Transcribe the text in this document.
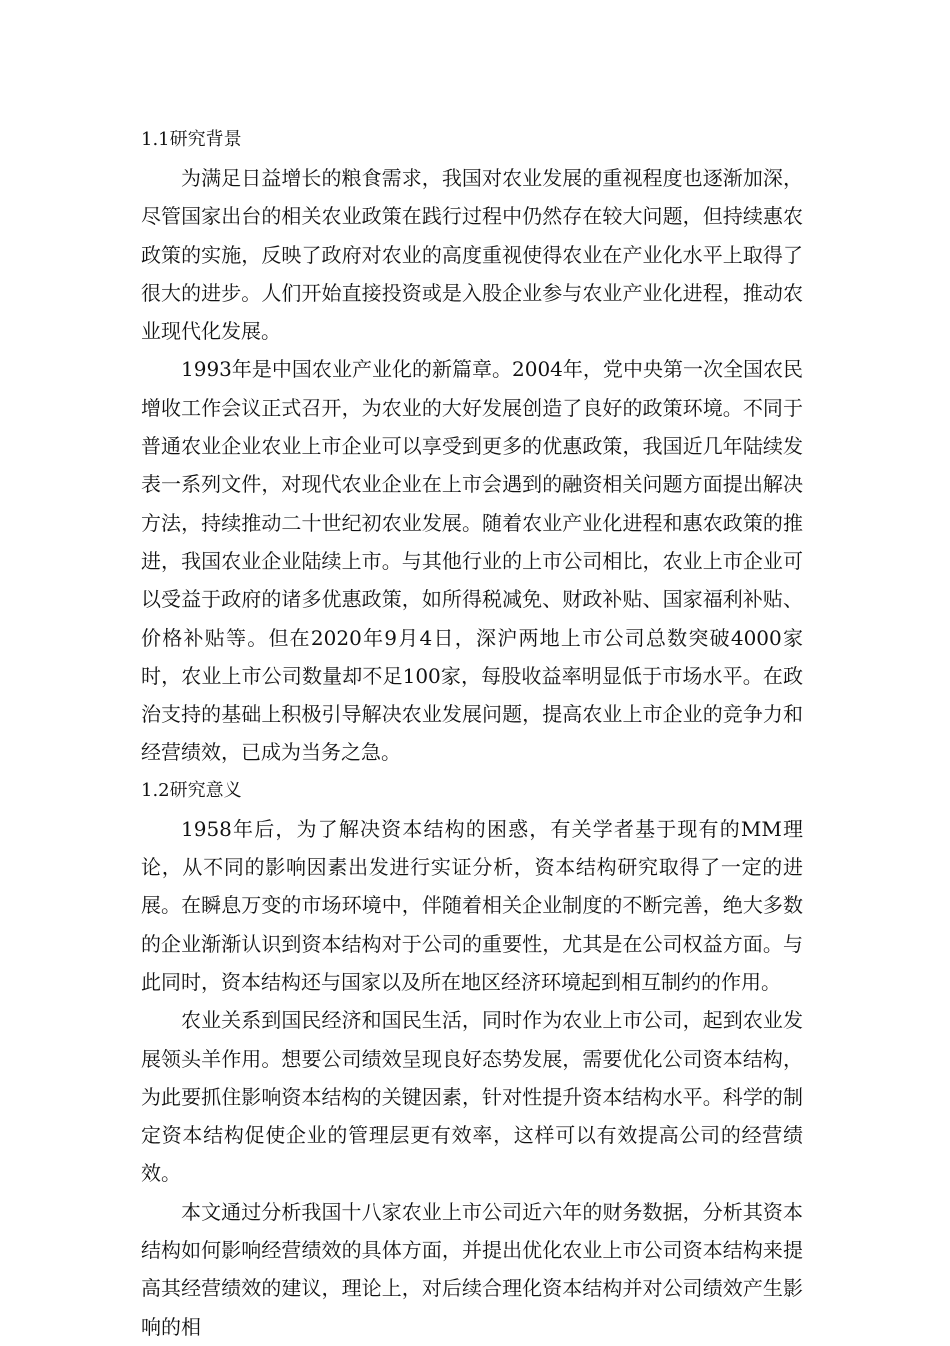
1.1研究背景

为满足日益增长的粮食需求，我国对农业发展的重视程度也逐渐加深，尽管国家出台的相关农业政策在践行过程中仍然存在较大问题，但持续惠农政策的实施，反映了政府对农业的高度重视使得农业在产业化水平上取得了很大的进步。人们开始直接投资或是入股企业参与农业产业化进程，推动农业现代化发展。

1993年是中国农业产业化的新篇章。2004年，党中央第一次全国农民增收工作会议正式召开，为农业的大好发展创造了良好的政策环境。不同于普通农业企业农业上市企业可以享受到更多的优惠政策，我国近几年陆续发表一系列文件，对现代农业企业在上市会遇到的融资相关问题方面提出解决方法，持续推动二十世纪初农业发展。随着农业产业化进程和惠农政策的推进，我国农业企业陆续上市。与其他行业的上市公司相比，农业上市企业可以受益于政府的诸多优惠政策，如所得税减免、财政补贴、国家福利补贴、价格补贴等。但在2020年9月4日，深沪两地上市公司总数突破4000家时，农业上市公司数量却不足100家，每股收益率明显低于市场水平。在政治支持的基础上积极引导解决农业发展问题，提高农业上市企业的竞争力和经营绩效，已成为当务之急。

1.2研究意义

1958年后，为了解决资本结构的困惑，有关学者基于现有的MM理论，从不同的影响因素出发进行实证分析，资本结构研究取得了一定的进展。在瞬息万变的市场环境中，伴随着相关企业制度的不断完善，绝大多数的企业渐渐认识到资本结构对于公司的重要性，尤其是在公司权益方面。与此同时，资本结构还与国家以及所在地区经济环境起到相互制约的作用。

农业关系到国民经济和国民生活，同时作为农业上市公司，起到农业发展领头羊作用。想要公司绩效呈现良好态势发展，需要优化公司资本结构，为此要抓住影响资本结构的关键因素，针对性提升资本结构水平。科学的制定资本结构促使企业的管理层更有效率，这样可以有效提高公司的经营绩效。

本文通过分析我国十八家农业上市公司近六年的财务数据，分析其资本结构如何影响经营绩效的具体方面，并提出优化农业上市公司资本结构来提高其经营绩效的建议，理论上，对后续合理化资本结构并对公司绩效产生影响的相
